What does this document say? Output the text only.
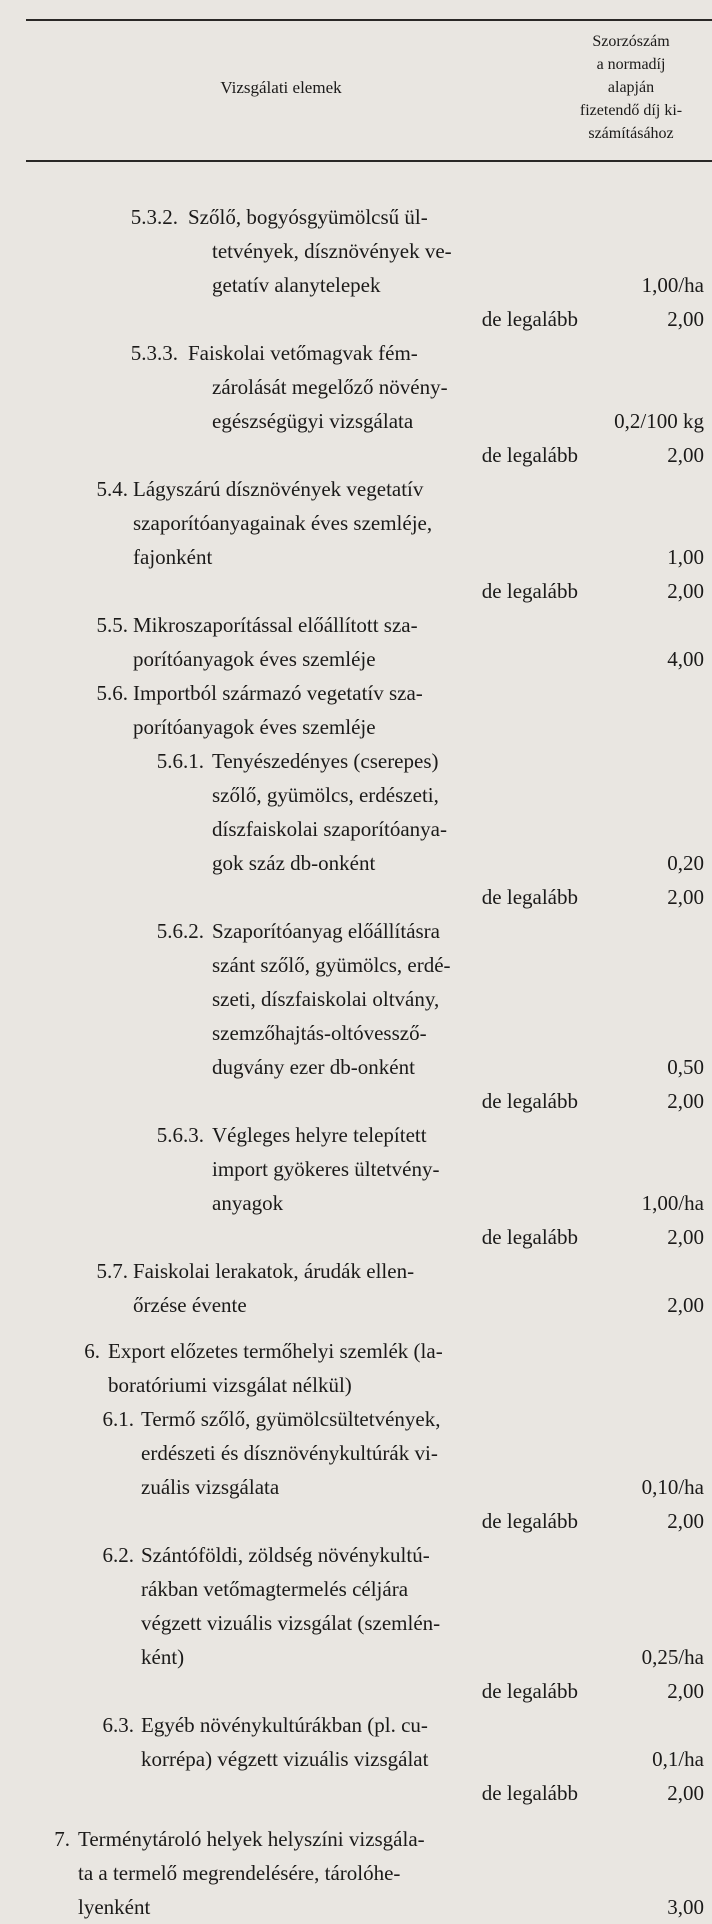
Vizsgálati elemek
Szorzószám
a normadíj
alapján
fizetendő díj ki-
számításához
5.3.2. Szőlő, bogyósgyümölcsű ül-
tetvények, dísznövények ve-
getatív alanytelepek	1,00/ha
de legalább	2,00
5.3.3. Faiskolai vetőmagvak fém-
zárolását megelőző növény-
egészségügyi vizsgálata	0,2/100 kg
de legalább	2,00
5.4. Lágyszárú dísznövények vegetatív
szaporítóanyagainak éves szemléje,
fajonként	1,00
de legalább	2,00
5.5. Mikroszaporítással előállított sza-
porítóanyagok éves szemléje	4,00
5.6. Importból származó vegetatív sza-
porítóanyagok éves szemléje
5.6.1. Tenyészedényes (cserepes)
szőlő, gyümölcs, erdészeti,
díszfaiskolai szaporítóanya-
gok száz db-onként	0,20
de legalább	2,00
5.6.2. Szaporítóanyag előállításra
szánt szőlő, gyümölcs, erdé-
szeti, díszfaiskolai oltvány,
szemzőhajtás-oltóvessző-
dugvány ezer db-onként	0,50
de legalább	2,00
5.6.3. Végleges helyre telepített
import gyökeres ültetvény-
anyagok	1,00/ha
de legalább	2,00
5.7. Faiskolai lerakatok, árudák ellen-
őrzése évente	2,00
6. Export előzetes termőhelyi szemlék (la-
boratóriumi vizsgálat nélkül)
6.1. Termő szőlő, gyümölcsültetvények,
erdészeti és dísznövénykultúrák vi-
zuális vizsgálata	0,10/ha
de legalább	2,00
6.2. Szántóföldi, zöldség növénykultú-
rákban vetőmagtermelés céljára
végzett vizuális vizsgálat (szemlén-
ként)	0,25/ha
de legalább	2,00
6.3. Egyéb növénykultúrákban (pl. cu-
korrépa) végzett vizuális vizsgálat	0,1/ha
de legalább	2,00
7. Terménytároló helyek helyszíni vizsgála-
ta a termelő megrendelésére, tárolóhe-
lyenként	3,00
